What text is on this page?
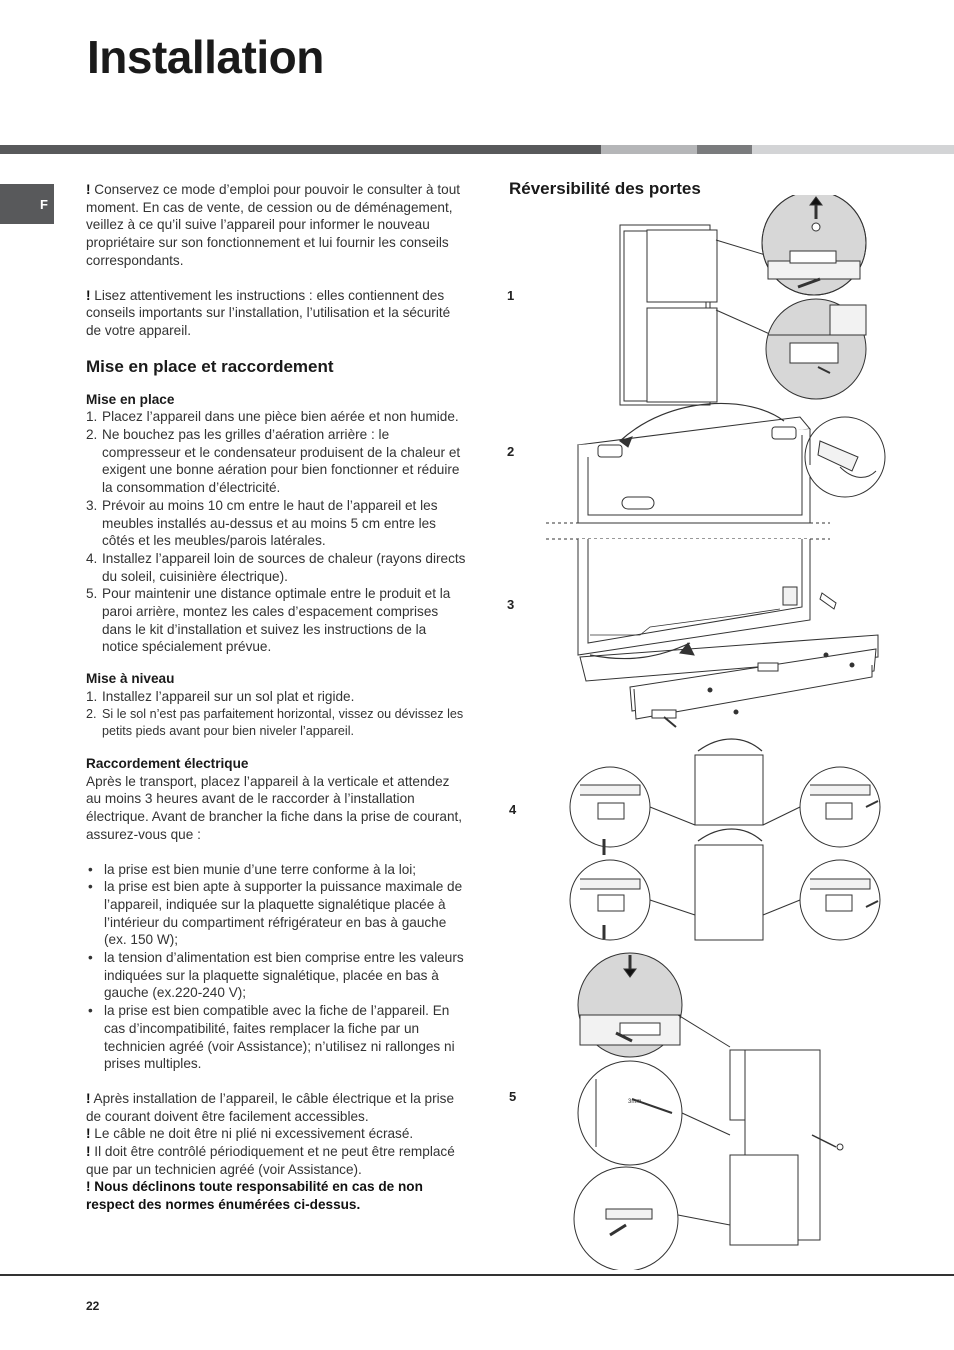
Installation
F

! Conservez ce mode d’emploi pour pouvoir le consulter à tout moment. En cas de vente, de cession ou de déménagement, veillez à ce qu’il suive l’appareil pour informer le nouveau propriétaire sur son fonctionnement et lui fournir les conseils correspondants.

! Lisez attentivement les instructions : elles contiennent des conseils importants sur l’installation, l’utilisation et la sécurité de votre appareil.

Mise en place et raccordement
Mise en place
1. Placez l’appareil dans une pièce bien aérée et non humide.
2. Ne bouchez pas les grilles d’aération arrière : le compresseur et le condensateur produisent de la chaleur et exigent une bonne aération pour bien fonctionner et réduire la consommation d’électricité.
3. Prévoir au moins 10 cm entre le haut de l’appareil et les meubles installés au-dessus et au moins 5 cm entre les côtés et les meubles/parois latérales.
4. Installez l’appareil loin de sources de chaleur (rayons directs du soleil, cuisinière électrique).
5. Pour maintenir une distance optimale entre le produit et la paroi arrière, montez les cales d’espacement comprises dans le kit d’installation et suivez les instructions de la notice spécialement prévue.
Mise à niveau
1. Installez l’appareil sur un sol plat et rigide.
2. Si le sol n’est pas parfaitement horizontal, vissez ou dévissez les petits pieds avant pour bien niveler l’appareil.
Raccordement électrique

Après le transport, placez l’appareil à la verticale et attendez au moins 3 heures avant de le raccorder à l’installation électrique. Avant de brancher la fiche dans la prise de courant, assurez-vous que :

• la prise est bien munie d’une terre conforme à la loi;
• la prise est bien apte à supporter la puissance maximale de l’appareil, indiquée sur la plaquette signalétique placée à l’intérieur du compartiment réfrigérateur en bas à gauche (ex. 150 W);
• la tension d’alimentation est bien comprise entre les valeurs indiquées sur la plaquette signalétique, placée en bas à gauche (ex.220-240 V);
• la prise est bien compatible avec la fiche de l’appareil. En cas d’incompatibilité, faites remplacer la fiche par un technicien agréé (voir Assistance); n’utilisez ni rallonges ni prises multiples.

! Après installation de l’appareil, le câble électrique et la prise de courant doivent être facilement accessibles.

! Le câble ne doit être ni plié ni excessivement écrasé.

! Il doit être contrôlé périodiquement et ne peut être remplacé que par un technicien agréé (voir Assistance).

! Nous déclinons toute responsabilité en cas de non respect des normes énumérées ci-dessus.

Réversibilité des portes
1
2
3
4
5	3mm
22
